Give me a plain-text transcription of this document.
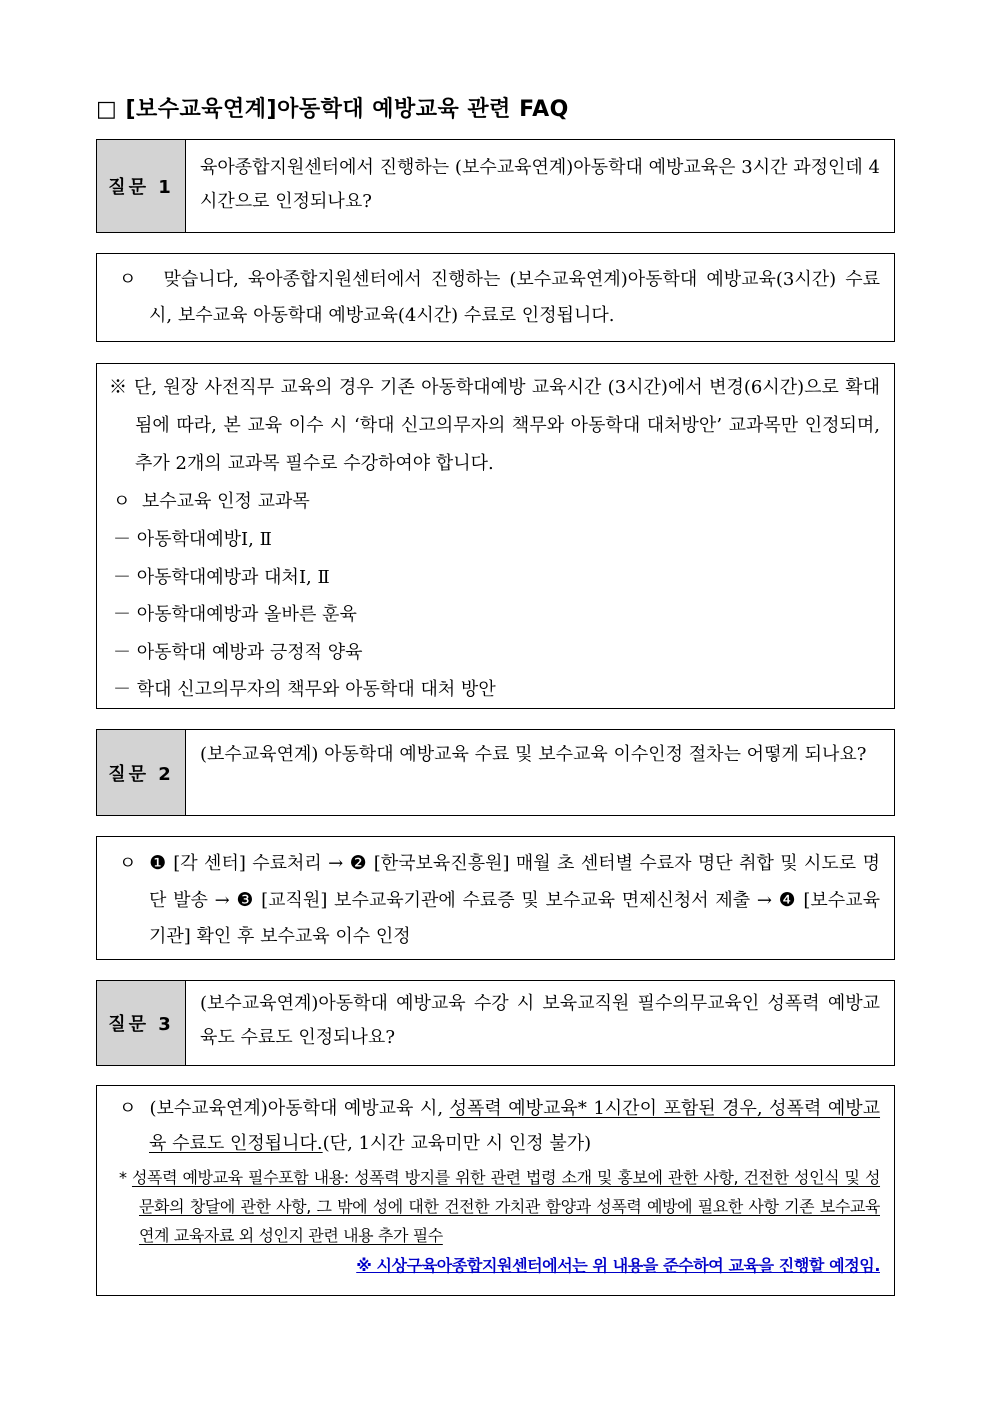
□ [보수교육연계]아동학대 예방교육 관련 FAQ
질문 1
육아종합지원센터에서 진행하는 (보수교육연계)아동학대 예방교육은 3시간 과정인데 4시간으로 인정되나요?
ㅇ 맞습니다, 육아종합지원센터에서 진행하는 (보수교육연계)아동학대 예방교육(3시간) 수료 시, 보수교육 아동학대 예방교육(4시간) 수료로 인정됩니다.
※ 단, 원장 사전직무 교육의 경우 기존 아동학대예방 교육시간 (3시간)에서 변경(6시간)으로 확대됨에 따라, 본 교육 이수 시 ‘학대 신고의무자의 책무와 아동학대 대처방안’ 교과목만 인정되며, 추가 2개의 교과목 필수로 수강하여야 합니다.
ㅇ 보수교육 인정 교과목
－ 아동학대예방Ⅰ, Ⅱ
－ 아동학대예방과 대처Ⅰ, Ⅱ
－ 아동학대예방과 올바른 훈육
－ 아동학대 예방과 긍정적 양육
－ 학대 신고의무자의 책무와 아동학대 대처 방안
질문 2
(보수교육연계) 아동학대 예방교육 수료 및 보수교육 이수인정 절차는 어떻게 되나요?
ㅇ ❶ [각 센터] 수료처리 → ❷ [한국보육진흥원] 매월 초 센터별 수료자 명단 취합 및 시도로 명단 발송 → ❸ [교직원] 보수교육기관에 수료증 및 보수교육 면제신청서 제출 → ❹ [보수교육 기관] 확인 후 보수교육 이수 인정
질문 3
(보수교육연계)아동학대 예방교육 수강 시 보육교직원 필수의무교육인 성폭력 예방교육도 수료도 인정되나요?
ㅇ (보수교육연계)아동학대 예방교육 시, 성폭력 예방교육* 1시간이 포함된 경우, 성폭력 예방교육 수료도 인정됩니다.(단, 1시간 교육미만 시 인정 불가)
* 성폭력 예방교육 필수포함 내용: 성폭력 방지를 위한 관련 법령 소개 및 홍보에 관한 사항, 건전한 성인식 및 성문화의 창달에 관한 사항, 그 밖에 성에 대한 건전한 가치관 함양과 성폭력 예방에 필요한 사항 기존 보수교육 연계 교육자료 외 성인지 관련 내용 추가 필수
※ 시상구육아종합지원센터에서는 위 내용을 준수하여 교육을 진행할 예정임.
